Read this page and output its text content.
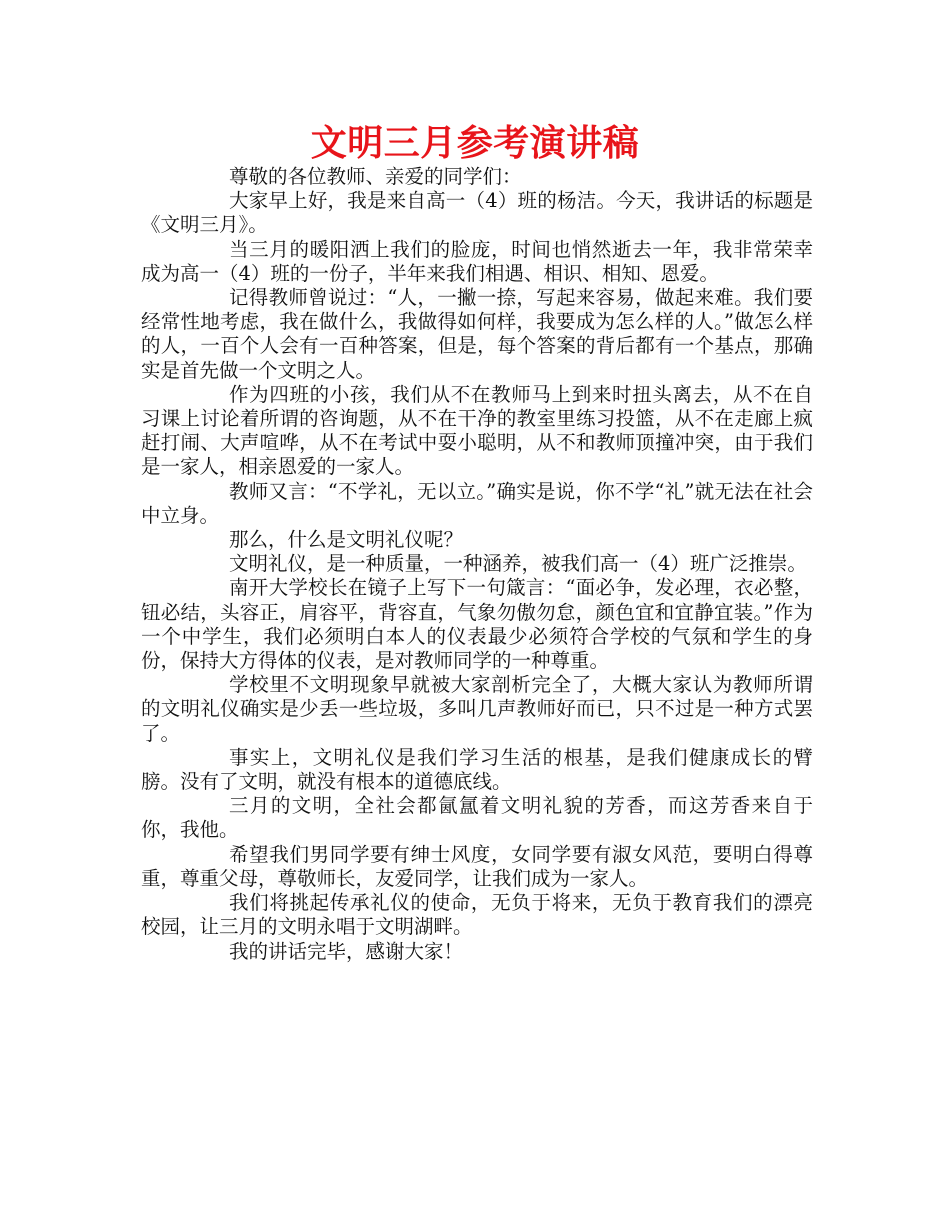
文明三月参考演讲稿

尊敬的各位教师、亲爱的同学们：

大家早上好，我是来自高一（4）班的杨洁。今天，我讲话的标题是《文明三月》。

当三月的暖阳洒上我们的脸庞，时间也悄然逝去一年，我非常荣幸成为高一（4）班的一份子，半年来我们相遇、相识、相知、恩爱。

记得教师曾说过：“人，一撇一捺，写起来容易，做起来难。我们要经常性地考虑，我在做什么，我做得如何样，我要成为怎么样的人。”做怎么样的人，一百个人会有一百种答案，但是，每个答案的背后都有一个基点，那确实是首先做一个文明之人。

作为四班的小孩，我们从不在教师马上到来时扭头离去，从不在自习课上讨论着所谓的咨询题，从不在干净的教室里练习投篮，从不在走廊上疯赶打闹、大声喧哗，从不在考试中耍小聪明，从不和教师顶撞冲突，由于我们是一家人，相亲恩爱的一家人。

教师又言：“不学礼，无以立。”确实是说，你不学“礼”就无法在社会中立身。

那么，什么是文明礼仪呢？

文明礼仪，是一种质量，一种涵养，被我们高一（4）班广泛推崇。

南开大学校长在镜子上写下一句箴言：“面必争，发必理，衣必整，钮必结，头容正，肩容平，背容直，气象勿傲勿怠，颜色宜和宜静宜装。”作为一个中学生，我们必须明白本人的仪表最少必须符合学校的气氛和学生的身份，保持大方得体的仪表，是对教师同学的一种尊重。

学校里不文明现象早就被大家剖析完全了，大概大家认为教师所谓的文明礼仪确实是少丢一些垃圾，多叫几声教师好而已，只不过是一种方式罢了。

事实上，文明礼仪是我们学习生活的根基，是我们健康成长的臂膀。没有了文明，就没有根本的道德底线。

三月的文明，全社会都氤氲着文明礼貌的芳香，而这芳香来自于你，我他。

希望我们男同学要有绅士风度，女同学要有淑女风范，要明白得尊重，尊重父母，尊敬师长，友爱同学，让我们成为一家人。

我们将挑起传承礼仪的使命，无负于将来，无负于教育我们的漂亮校园，让三月的文明永唱于文明湖畔。

我的讲话完毕，感谢大家！
